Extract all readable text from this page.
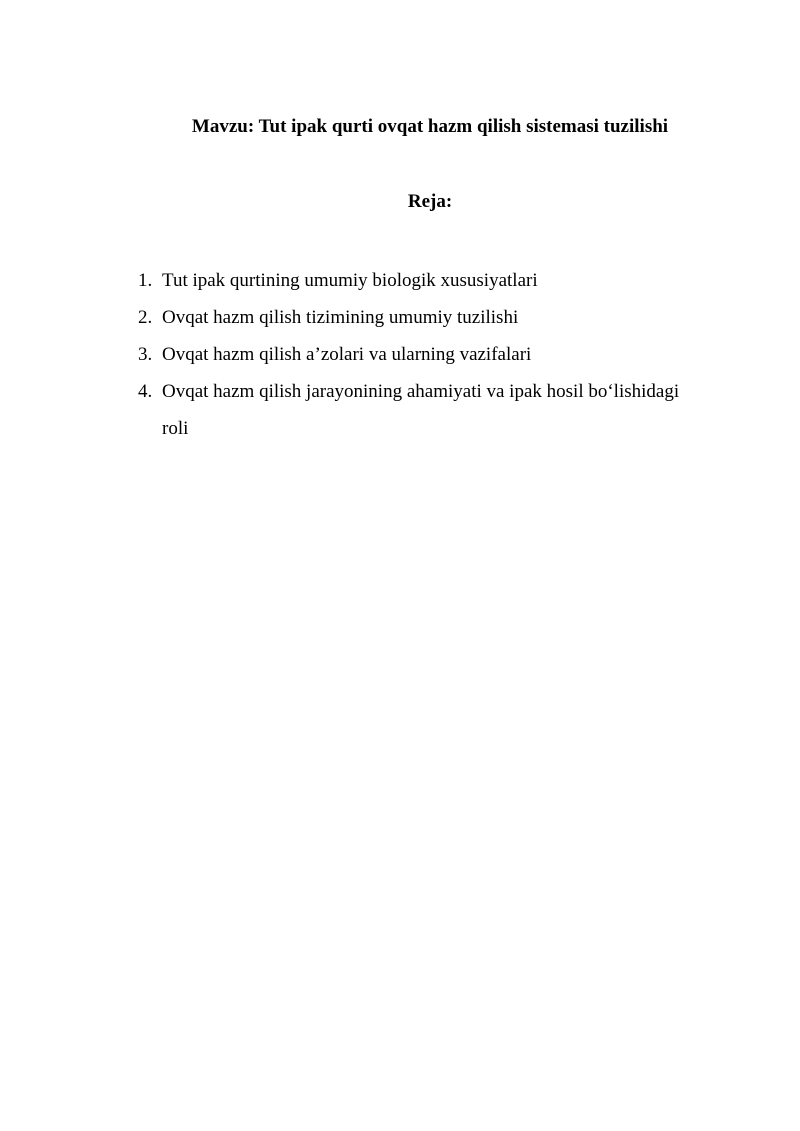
Mavzu: Tut ipak qurti ovqat hazm qilish sistemasi tuzilishi
Reja:
1. Tut ipak qurtining umumiy biologik xususiyatlari
2. Ovqat hazm qilish tizimining umumiy tuzilishi
3. Ovqat hazm qilish a’zolari va ularning vazifalari
4. Ovqat hazm qilish jarayonining ahamiyati va ipak hosil bo‘lishidagi roli
